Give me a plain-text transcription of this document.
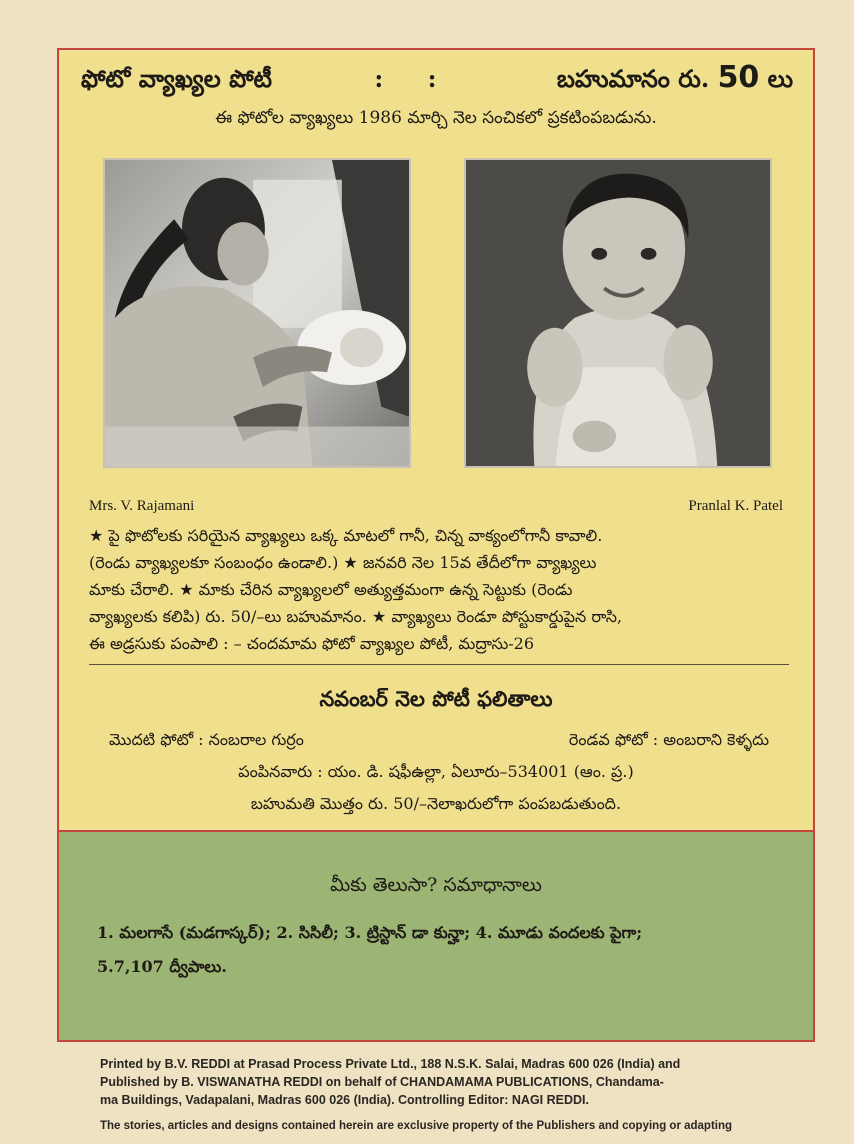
ఫోటో వ్యాఖ్యల పోటీ	: :	బహుమానం రు. 50 లు
ఈ ఫోటోల వ్యాఖ్యలు 1986 మార్చి నెల సంచికలో ప్రకటింపబడును.
Mrs. V. Rajamani	Pranlal K. Patel
★ పై ఫొటోలకు సరియైన వ్యాఖ్యలు ఒక్క మాటలో గానీ, చిన్న వాక్యంలోగానీ కావాలి.
(రెండు వ్యాఖ్యలకూ సంబంధం ఉండాలి.) ★ జనవరి నెల 15వ తేదీలోగా వ్యాఖ్యలు
మాకు చేరాలి. ★ మాకు చేరిన వ్యాఖ్యలలో అత్యుత్తమంగా ఉన్న సెట్టుకు (రెండు
వ్యాఖ్యలకు కలిపి) రు. 50/–లు బహుమానం. ★ వ్యాఖ్యలు రెండూ పోస్టుకార్డుపైన రాసి,
ఈ అడ్రసుకు పంపాలి : – చందమామ ఫోటో వ్యాఖ్యల పోటీ, మద్రాసు-26
నవంబర్ నెల పోటీ ఫలితాలు
మొదటి ఫోటో : నంబరాల గుర్రం	రెండవ ఫోటో : అంబరాని కెళ్ళదు
పంపినవారు : యం. డి. షఫీఉల్లా, ఏలూరు–534001 (ఆం. ప్ర.)
బహుమతి మొత్తం రు. 50/–నెలాఖరులోగా పంపబడుతుంది.
మీకు తెలుసా? సమాధానాలు
1. మలగాసే (మడగాస్కర్); 2. సిసిలీ; 3. ట్రిస్టాన్ డా కున్హా; 4. మూడు వందలకు పైగా;
5.7,107 ద్వీపాలు.
Printed by B.V. REDDI at Prasad Process Private Ltd., 188 N.S.K. Salai, Madras 600 026 (India) and
Published by B. VISWANATHA REDDI on behalf of CHANDAMAMA PUBLICATIONS, Chandama-
ma Buildings, Vadapalani, Madras 600 026 (India). Controlling Editor: NAGI REDDI.
The stories, articles and designs contained herein are exclusive property of the Publishers and copying or adapting
